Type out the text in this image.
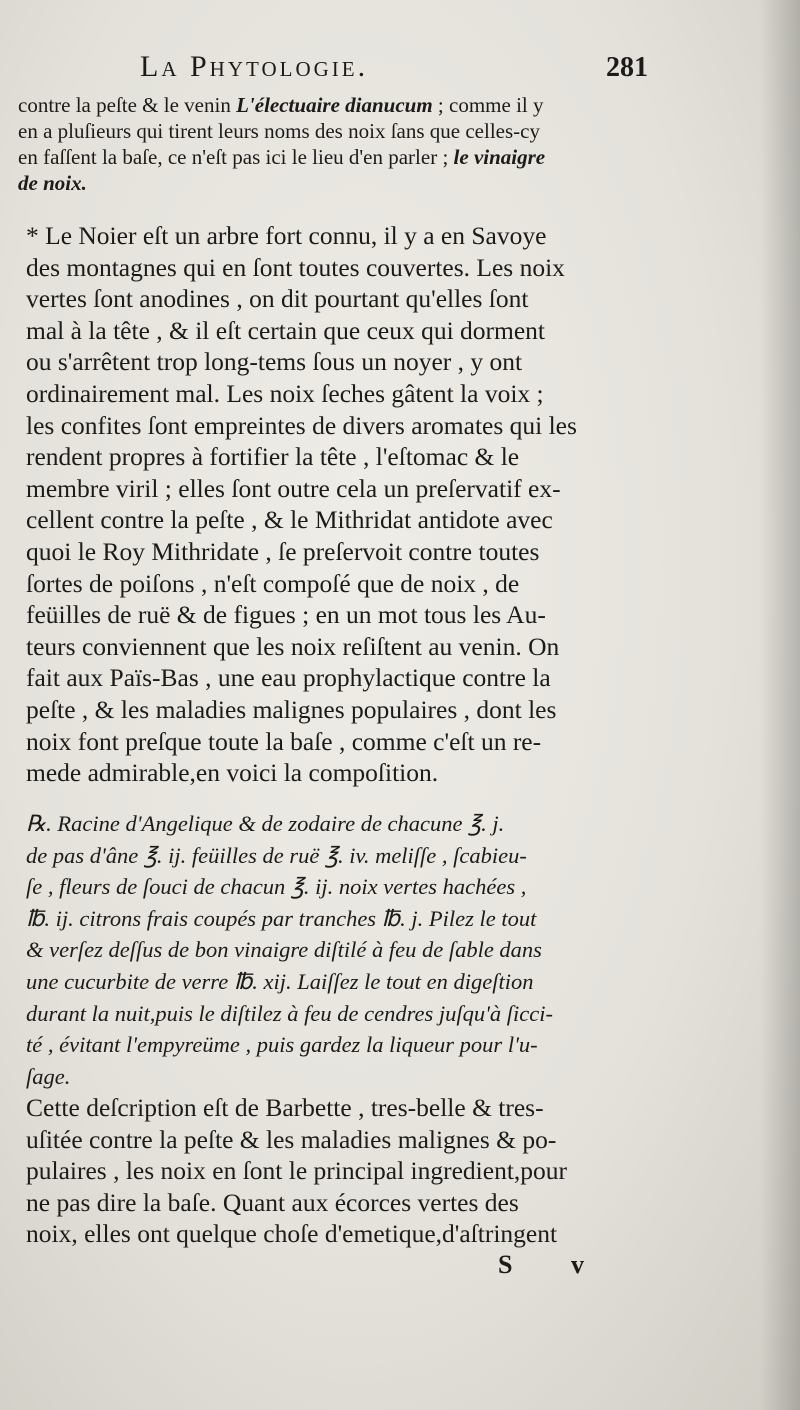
La Phytologie.	281
contre la peſte & le venin L'électuaire dianucum ; comme il y
en a pluſieurs qui tirent leurs noms des noix ſans que celles-cy
en faſſent la baſe, ce n'eſt pas ici le lieu d'en parler ; le vinaigre
de noix.
* Le Noier eſt un arbre fort connu, il y a en Savoye
des montagnes qui en ſont toutes couvertes. Les noix
vertes ſont anodines , on dit pourtant qu'elles ſont
mal à la tête , & il eſt certain que ceux qui dorment
ou s'arrêtent trop long-tems ſous un noyer , y ont
ordinairement mal. Les noix ſeches gâtent la voix ;
les confites ſont empreintes de divers aromates qui les
rendent propres à fortifier la tête , l'eſtomac & le
membre viril ; elles ſont outre cela un preſervatif ex-
cellent contre la peſte , & le Mithridat antidote avec
quoi le Roy Mithridate , ſe preſervoit contre toutes
ſortes de poiſons , n'eſt compoſé que de noix , de
feüilles de ruë & de figues ; en un mot tous les Au-
teurs conviennent que les noix reſiſtent au venin. On
fait aux Païs-Bas , une eau prophylactique contre la
peſte , & les maladies malignes populaires , dont les
noix font preſque toute la baſe , comme c'eſt un re-
mede admirable,en voici la compoſition.
℞. Racine d'Angelique & de zodaire de chacune ℥. j.
de pas d'âne ℥. ij. feüilles de ruë ℥. iv. meliſſe , ſcabieu-
ſe , fleurs de ſouci de chacun ℥. ij. noix vertes hachées ,
℔. ij. citrons frais coupés par tranches ℔. j. Pilez le tout
& verſez deſſus de bon vinaigre diſtilé à feu de ſable dans
une cucurbite de verre ℔. xij. Laiſſez le tout en digeſtion
durant la nuit,puis le diſtilez à feu de cendres juſqu'à ſicci-
té , évitant l'empyreüme , puis gardez la liqueur pour l'u-
ſage.
Cette deſcription eſt de Barbette , tres-belle & tres-
uſitée contre la peſte & les maladies malignes & po-
pulaires , les noix en ſont le principal ingredient,pour
ne pas dire la baſe. Quant aux écorces vertes des
noix, elles ont quelque choſe d'emetique,d'aſtringent
S v
